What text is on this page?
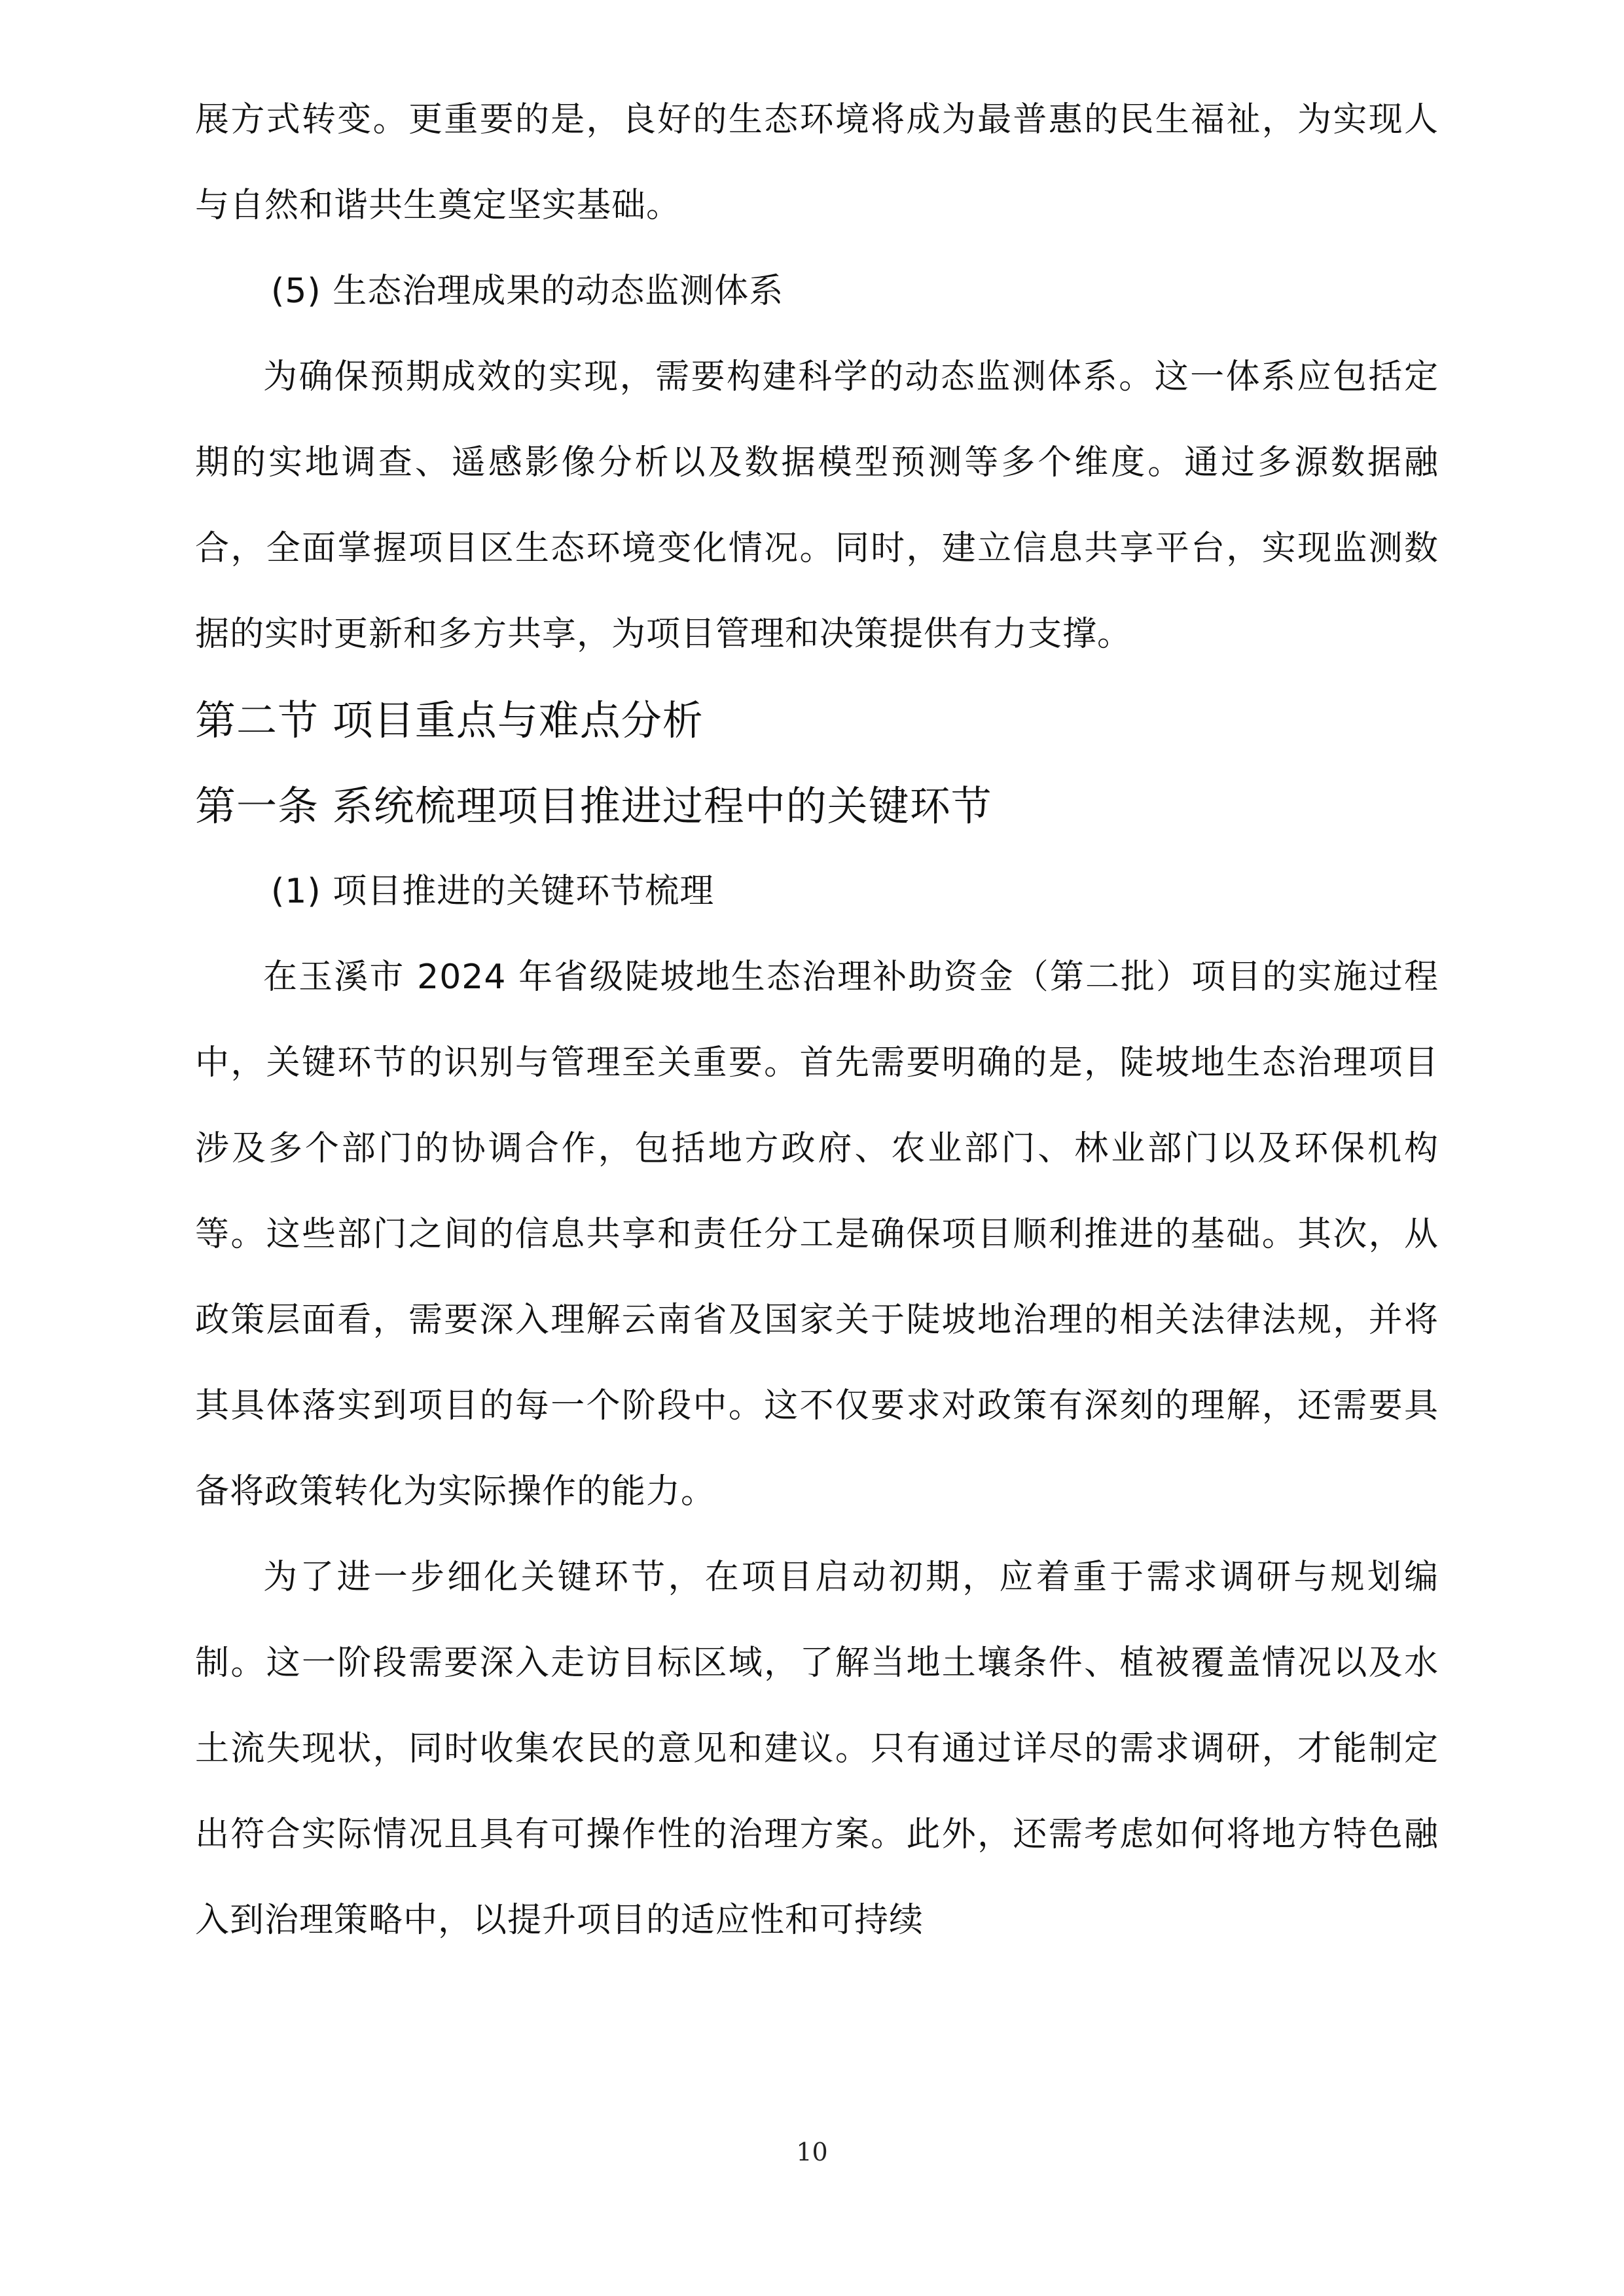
展方式转变。更重要的是，良好的生态环境将成为最普惠的民生福祉，为实现人与自然和谐共生奠定坚实基础。

(5) 生态治理成果的动态监测体系

为确保预期成效的实现，需要构建科学的动态监测体系。这一体系应包括定期的实地调查、遥感影像分析以及数据模型预测等多个维度。通过多源数据融合，全面掌握项目区生态环境变化情况。同时，建立信息共享平台，实现监测数据的实时更新和多方共享，为项目管理和决策提供有力支撑。

第二节 项目重点与难点分析
第一条 系统梳理项目推进过程中的关键环节

(1) 项目推进的关键环节梳理

在玉溪市 2024 年省级陡坡地生态治理补助资金（第二批）项目的实施过程中，关键环节的识别与管理至关重要。首先需要明确的是，陡坡地生态治理项目涉及多个部门的协调合作，包括地方政府、农业部门、林业部门以及环保机构等。这些部门之间的信息共享和责任分工是确保项目顺利推进的基础。其次，从政策层面看，需要深入理解云南省及国家关于陡坡地治理的相关法律法规，并将其具体落实到项目的每一个阶段中。这不仅要求对政策有深刻的理解，还需要具备将政策转化为实际操作的能力。

为了进一步细化关键环节，在项目启动初期，应着重于需求调研与规划编制。这一阶段需要深入走访目标区域，了解当地土壤条件、植被覆盖情况以及水土流失现状，同时收集农民的意见和建议。只有通过详尽的需求调研，才能制定出符合实际情况且具有可操作性的治理方案。此外，还需考虑如何将地方特色融入到治理策略中，以提升项目的适应性和可持续

10
